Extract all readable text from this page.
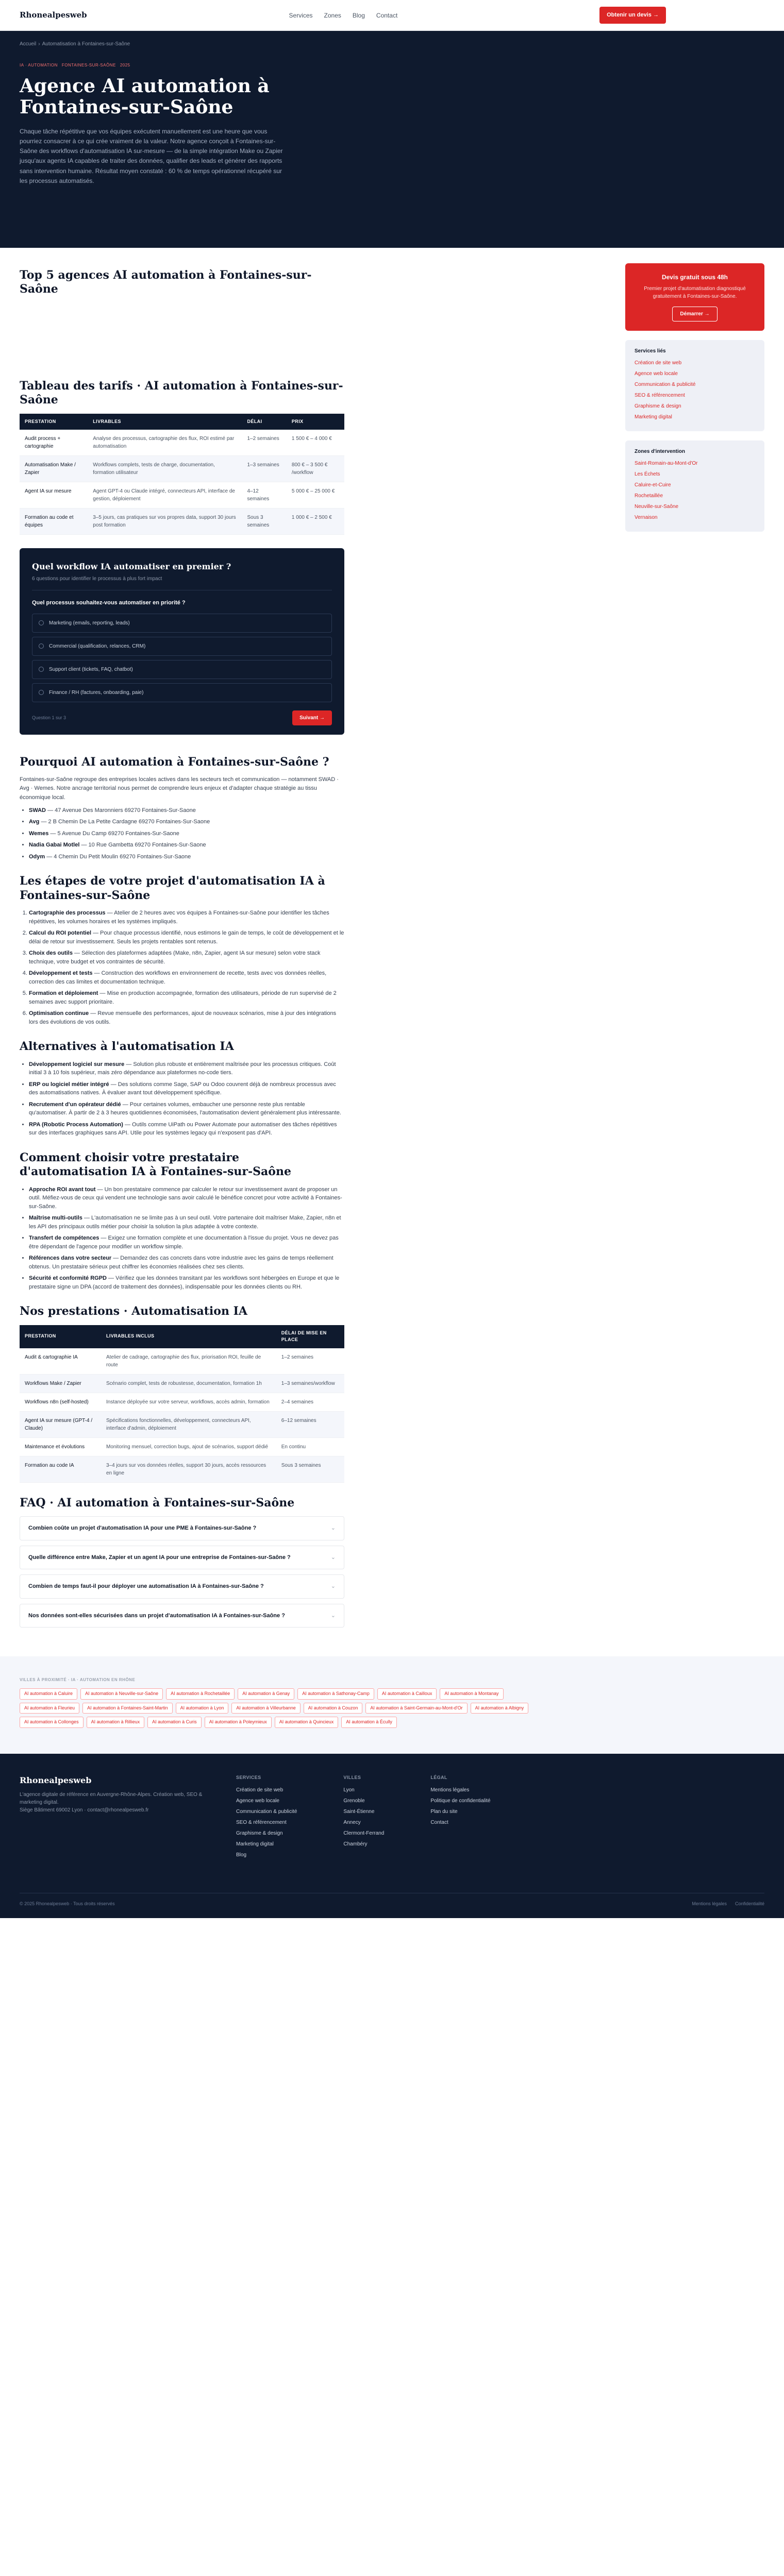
Rhonealpesweb	Services Zones Blog Contact	Obtenir un devis →
Accueil › Automatisation à Fontaines-sur-Saône
IA · AUTOMATION FONTAINES-SUR-SAÔNE 2025
Agence AI automation à Fontaines-sur-Saône

Chaque tâche répétitive que vos équipes exécutent manuellement est une heure que vous pourriez consacrer à ce qui crée vraiment de la valeur. Notre agence conçoit à Fontaines-sur-Saône des workflows d'automatisation IA sur-mesure — de la simple intégration Make ou Zapier jusqu'aux agents IA capables de traiter des données, qualifier des leads et générer des rapports sans intervention humaine. Résultat moyen constaté : 60 % de temps opérationnel récupéré sur les processus automatisés.

Top 5 agences AI automation à Fontaines-sur-Saône
Tableau des tarifs · AI automation à Fontaines-sur-Saône
PRESTATION	LIVRABLES	DÉLAI	PRIX
Audit process + cartographie	Analyse des processus, cartographie des flux, ROI estimé par automatisation	1–2 semaines	1 500 € – 4 000 €
Automatisation Make / Zapier	Workflows complets, tests de charge, documentation, formation utilisateur	1–3 semaines	800 € – 3 500 € /workflow
Agent IA sur mesure	Agent GPT-4 ou Claude intégré, connecteurs API, interface de gestion, déploiement	4–12 semaines	5 000 € – 25 000 €
Formation au code et équipes	3–5 jours, cas pratiques sur vos propres data, support 30 jours post formation	Sous 3 semaines	1 000 € – 2 500 €
Quel workflow IA automatiser en premier ?
6 questions pour identifier le processus à plus fort impact
Quel processus souhaitez-vous automatiser en priorité ?
Marketing (emails, reporting, leads)
Commercial (qualification, relances, CRM)
Support client (tickets, FAQ, chatbot)
Finance / RH (factures, onboarding, paie)
Question 1 sur 3	Suivant →
Pourquoi AI automation à Fontaines-sur-Saône ?

Fontaines-sur-Saône regroupe des entreprises locales actives dans les secteurs tech et communication — notamment SWAD · Avg · Wemes. Notre ancrage territorial nous permet de comprendre leurs enjeux et d'adapter chaque stratégie au tissu économique local.

• SWAD — 47 Avenue Des Maronniers 69270 Fontaines-Sur-Saone
• Avg — 2 B Chemin De La Petite Cardagne 69270 Fontaines-Sur-Saone
• Wemes — 5 Avenue Du Camp 69270 Fontaines-Sur-Saone
• Nadia Gabai Motlel — 10 Rue Gambetta 69270 Fontaines-Sur-Saone
• Odym — 4 Chemin Du Petit Moulin 69270 Fontaines-Sur-Saone
Les étapes de votre projet d'automatisation IA à Fontaines-sur-Saône
1. Cartographie des processus — Atelier de 2 heures avec vos équipes à Fontaines-sur-Saône pour identifier les tâches répétitives, les volumes horaires et les systèmes impliqués.
2. Calcul du ROI potentiel — Pour chaque processus identifié, nous estimons le gain de temps, le coût de développement et le délai de retour sur investissement. Seuls les projets rentables sont retenus.
3. Choix des outils — Sélection des plateformes adaptées (Make, n8n, Zapier, agent IA sur mesure) selon votre stack technique, votre budget et vos contraintes de sécurité.
4. Développement et tests — Construction des workflows en environnement de recette, tests avec vos données réelles, correction des cas limites et documentation technique.
5. Formation et déploiement — Mise en production accompagnée, formation des utilisateurs, période de run supervisé de 2 semaines avec support prioritaire.
6. Optimisation continue — Revue mensuelle des performances, ajout de nouveaux scénarios, mise à jour des intégrations lors des évolutions de vos outils.
Alternatives à l'automatisation IA
• Développement logiciel sur mesure — Solution plus robuste et entièrement maîtrisée pour les processus critiques. Coût initial 3 à 10 fois supérieur, mais zéro dépendance aux plateformes no-code tiers.
• ERP ou logiciel métier intégré — Des solutions comme Sage, SAP ou Odoo couvrent déjà de nombreux processus avec des automatisations natives. À évaluer avant tout développement spécifique.
• Recrutement d'un opérateur dédié — Pour certaines volumes, embaucher une personne reste plus rentable qu'automatiser. À partir de 2 à 3 heures quotidiennes économisées, l'automatisation devient généralement plus intéressante.
• RPA (Robotic Process Automation) — Outils comme UiPath ou Power Automate pour automatiser des tâches répétitives sur des interfaces graphiques sans API. Utile pour les systèmes legacy qui n'exposent pas d'API.
Comment choisir votre prestataire d'automatisation IA à Fontaines-sur-Saône
• Approche ROI avant tout — Un bon prestataire commence par calculer le retour sur investissement avant de proposer un outil. Méfiez-vous de ceux qui vendent une technologie sans avoir calculé le bénéfice concret pour votre activité à Fontaines-sur-Saône.
• Maîtrise multi-outils — L'automatisation ne se limite pas à un seul outil. Votre partenaire doit maîtriser Make, Zapier, n8n et les API des principaux outils métier pour choisir la solution la plus adaptée à votre contexte.
• Transfert de compétences — Exigez une formation complète et une documentation à l'issue du projet. Vous ne devez pas être dépendant de l'agence pour modifier un workflow simple.
• Références dans votre secteur — Demandez des cas concrets dans votre industrie avec les gains de temps réellement obtenus. Un prestataire sérieux peut chiffrer les économies réalisées chez ses clients.
• Sécurité et conformité RGPD — Vérifiez que les données transitant par les workflows sont hébergées en Europe et que le prestataire signe un DPA (accord de traitement des données), indispensable pour les données clients ou RH.
Nos prestations · Automatisation IA
PRESTATION	LIVRABLES INCLUS	DÉLAI DE MISE EN PLACE
Audit & cartographie IA	Atelier de cadrage, cartographie des flux, priorisation ROI, feuille de route	1–2 semaines
Workflows Make / Zapier	Scénario complet, tests de robustesse, documentation, formation 1h	1–3 semaines/workflow
Workflows n8n (self-hosted)	Instance déployée sur votre serveur, workflows, accès admin, formation	2–4 semaines
Agent IA sur mesure (GPT-4 / Claude)	Spécifications fonctionnelles, développement, connecteurs API, interface d'admin, déploiement	6–12 semaines
Maintenance et évolutions	Monitoring mensuel, correction bugs, ajout de scénarios, support dédié	En continu
Formation au code IA	3–4 jours sur vos données réelles, support 30 jours, accès ressources en ligne	Sous 3 semaines
FAQ · AI automation à Fontaines-sur-Saône
Combien coûte un projet d'automatisation IA pour une PME à Fontaines-sur-Saône ?	⌄
Quelle différence entre Make, Zapier et un agent IA pour une entreprise de Fontaines-sur-Saône ?	⌄
Combien de temps faut-il pour déployer une automatisation IA à Fontaines-sur-Saône ?	⌄
Nos données sont-elles sécurisées dans un projet d'automatisation IA à Fontaines-sur-Saône ?	⌄
Devis gratuit sous 48h

Premier projet d'automatisation diagnostiqué gratuitement à Fontaines-sur-Saône.

Démarrer →
Services liés
Création de site web
Agence web locale
Communication & publicité
SEO & référencement
Graphisme & design
Marketing digital
Zones d'intervention
Saint-Romain-au-Mont-d'Or
Les Échets
Caluire-et-Cuire
Rochetaillée
Neuville-sur-Saône
Vernaison
VILLES À PROXIMITÉ · IA · AUTOMATION EN RHÔNE
AI automation à Caluire	AI automation à Neuville-sur-Saône	AI automation à Rochetaillée	AI automation à Genay	AI automation à Sathonay-Camp	AI automation à Cailloux	AI automation à Montanay
AI automation à Fleurieu	AI automation à Fontaines-Saint-Martin	AI automation à Lyon	AI automation à Villeurbanne	AI automation à Couzon	AI automation à Saint-Germain-au-Mont-d'Or	AI automation à Albigny
AI automation à Collonges	AI automation à Rillieux	AI automation à Curis	AI automation à Poleymieux	AI automation à Quincieux	AI automation à Écully
Rhonealpesweb

L'agence digitale de référence en Auvergne-Rhône-Alpes. Création web, SEO & marketing digital.

Siège Bâtiment 69002 Lyon · contact@rhonealpesweb.fr

SERVICES
Création de site web
Agence web locale
Communication & publicité
SEO & référencement
Graphisme & design
Marketing digital
Blog
VILLES
Lyon
Grenoble
Saint-Étienne
Annecy
Clermont-Ferrand
Chambéry
LÉGAL
Mentions légales
Politique de confidentialité
Plan du site
Contact
© 2025 Rhonealpesweb · Tous droits réservés	Mentions légales Confidentialité
